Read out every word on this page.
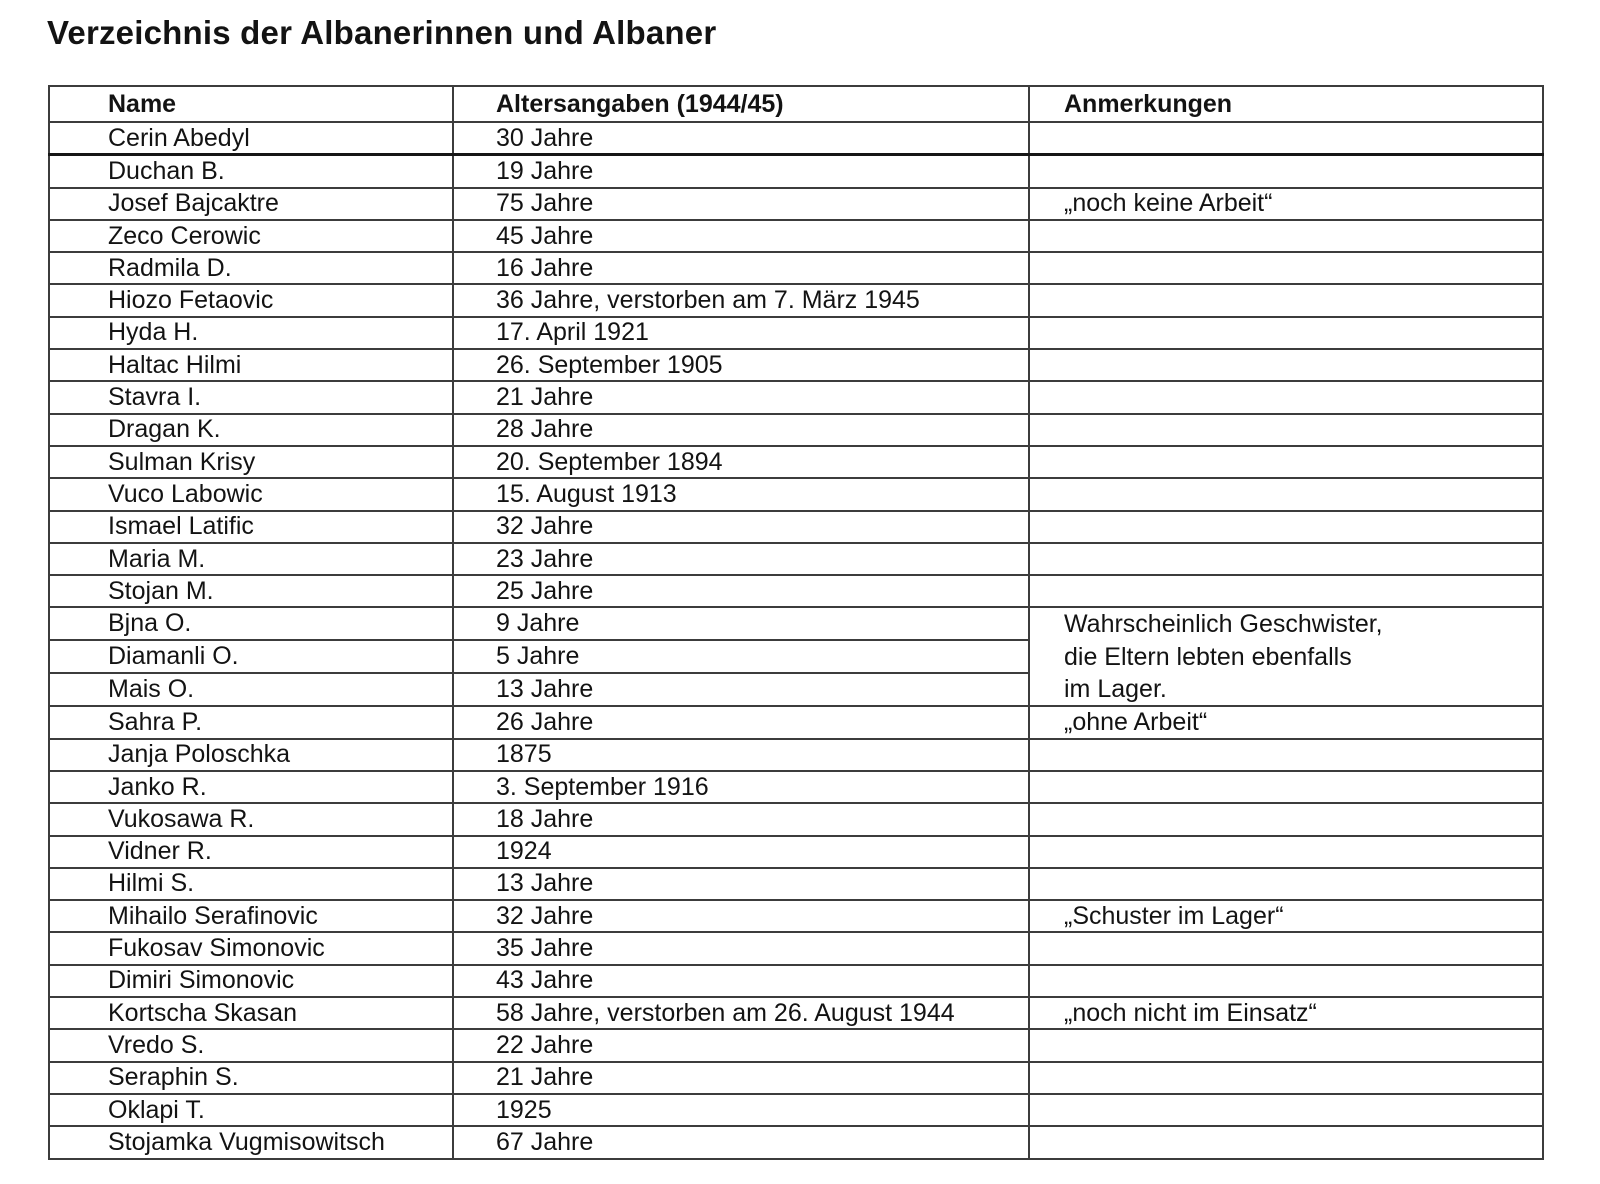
Verzeichnis der Albanerinnen und Albaner
Name	Altersangaben (1944/45)	Anmerkungen
Cerin Abedyl	30 Jahre	
Duchan B.	19 Jahre	
Josef Bajcaktre	75 Jahre	„noch keine Arbeit“
Zeco Cerowic	45 Jahre	
Radmila D.	16 Jahre	
Hiozo Fetaovic	36 Jahre, verstorben am 7. März 1945	
Hyda H.	17. April 1921	
Haltac Hilmi	26. September 1905	
Stavra I.	21 Jahre	
Dragan K.	28 Jahre	
Sulman Krisy	20. September 1894	
Vuco Labowic	15. August 1913	
Ismael Latific	32 Jahre	
Maria M.	23 Jahre	
Stojan M.	25 Jahre	
Bjna O.	9 Jahre	Wahrscheinlich Geschwister,
die Eltern lebten ebenfalls
im Lager.

Diamanli O.	5 Jahre	
Mais O.	13 Jahre	
Sahra P.	26 Jahre	„ohne Arbeit“
Janja Poloschka	1875	
Janko R.	3. September 1916	
Vukosawa R.	18 Jahre	
Vidner R.	1924	
Hilmi S.	13 Jahre	
Mihailo Serafinovic	32 Jahre	„Schuster im Lager“
Fukosav Simonovic	35 Jahre	
Dimiri Simonovic	43 Jahre	
Kortscha Skasan	58 Jahre, verstorben am 26. August 1944	„noch nicht im Einsatz“
Vredo S.	22 Jahre	
Seraphin S.	21 Jahre	
Oklapi T.	1925	
Stojamka Vugmisowitsch	67 Jahre	
